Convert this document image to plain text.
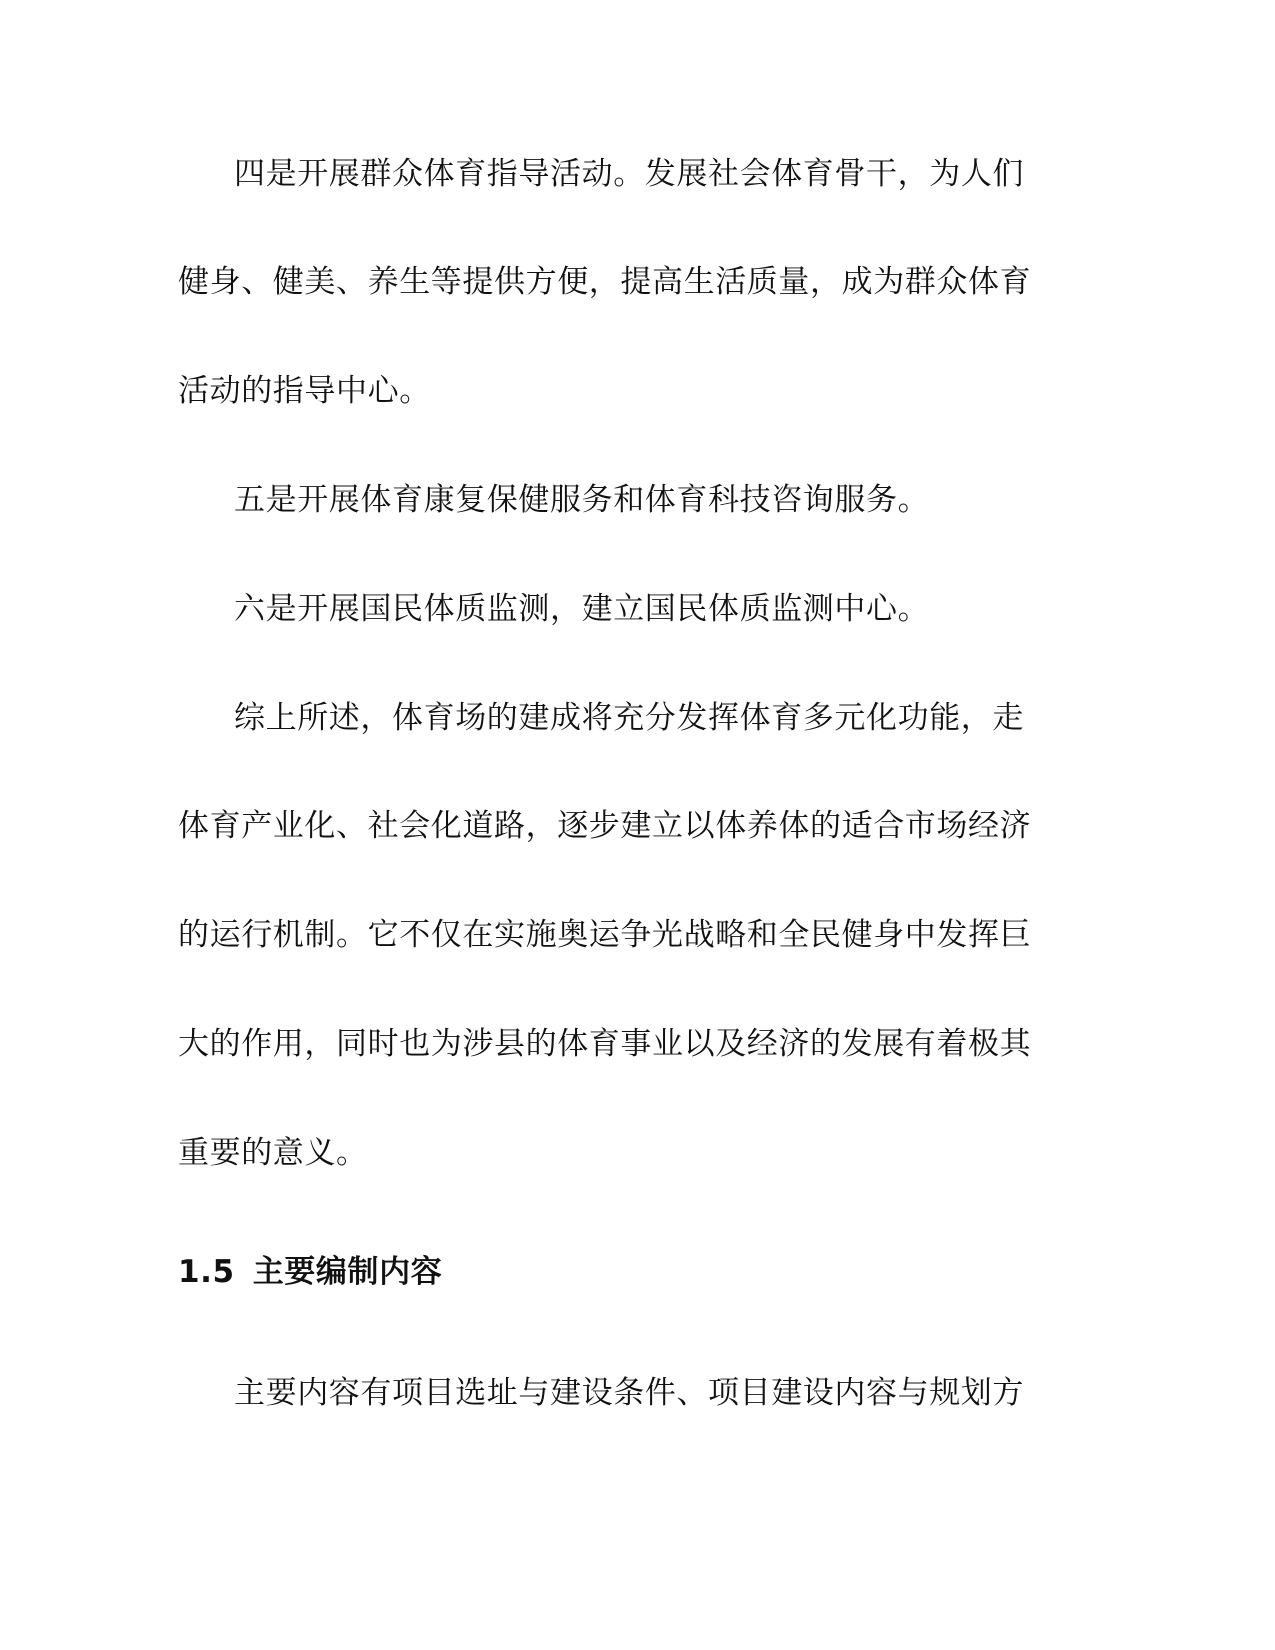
四是开展群众体育指导活动。发展社会体育骨干，为人们
健身、健美、养生等提供方便，提高生活质量，成为群众体育
活动的指导中心。
五是开展体育康复保健服务和体育科技咨询服务。
六是开展国民体质监测，建立国民体质监测中心。
综上所述，体育场的建成将充分发挥体育多元化功能，走
体育产业化、社会化道路，逐步建立以体养体的适合市场经济
的运行机制。它不仅在实施奥运争光战略和全民健身中发挥巨
大的作用，同时也为涉县的体育事业以及经济的发展有着极其
重要的意义。
1.5 主要编制内容
主要内容有项目选址与建设条件、项目建设内容与规划方
